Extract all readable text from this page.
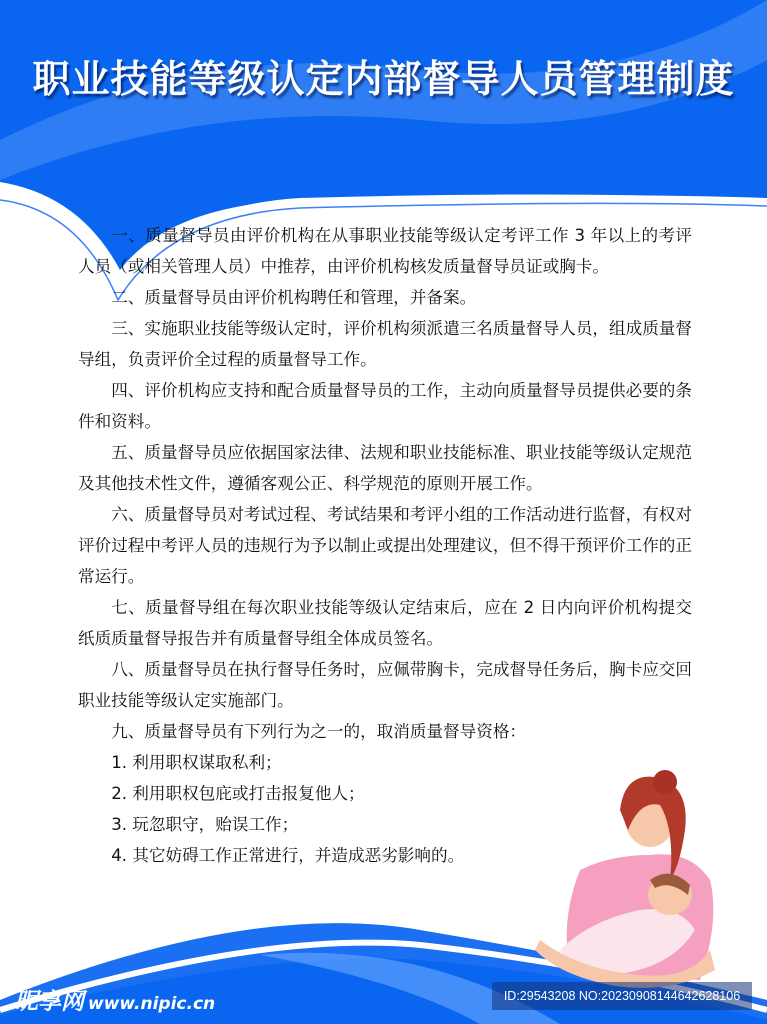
职业技能等级认定内部督导人员管理制度

一、质量督导员由评价机构在从事职业技能等级认定考评工作 3 年以上的考评人员（或相关管理人员）中推荐，由评价机构核发质量督导员证或胸卡。

二、质量督导员由评价机构聘任和管理，并备案。

三、实施职业技能等级认定时，评价机构须派遣三名质量督导人员，组成质量督导组，负责评价全过程的质量督导工作。

四、评价机构应支持和配合质量督导员的工作，主动向质量督导员提供必要的条件和资料。

五、质量督导员应依据国家法律、法规和职业技能标准、职业技能等级认定规范及其他技术性文件，遵循客观公正、科学规范的原则开展工作。

六、质量督导员对考试过程、考试结果和考评小组的工作活动进行监督，有权对评价过程中考评人员的违规行为予以制止或提出处理建议，但不得干预评价工作的正常运行。

七、质量督导组在每次职业技能等级认定结束后，应在 2 日内向评价机构提交纸质质量督导报告并有质量督导组全体成员签名。

八、质量督导员在执行督导任务时，应佩带胸卡，完成督导任务后，胸卡应交回职业技能等级认定实施部门。

九、质量督导员有下列行为之一的，取消质量督导资格：

1. 利用职权谋取私利；

2. 利用职权包庇或打击报复他人；

3. 玩忽职守，贻误工作；

4. 其它妨碍工作正常进行，并造成恶劣影响的。

昵享网 www.nipic.cn	ID:29543208 NO:20230908144642628106
